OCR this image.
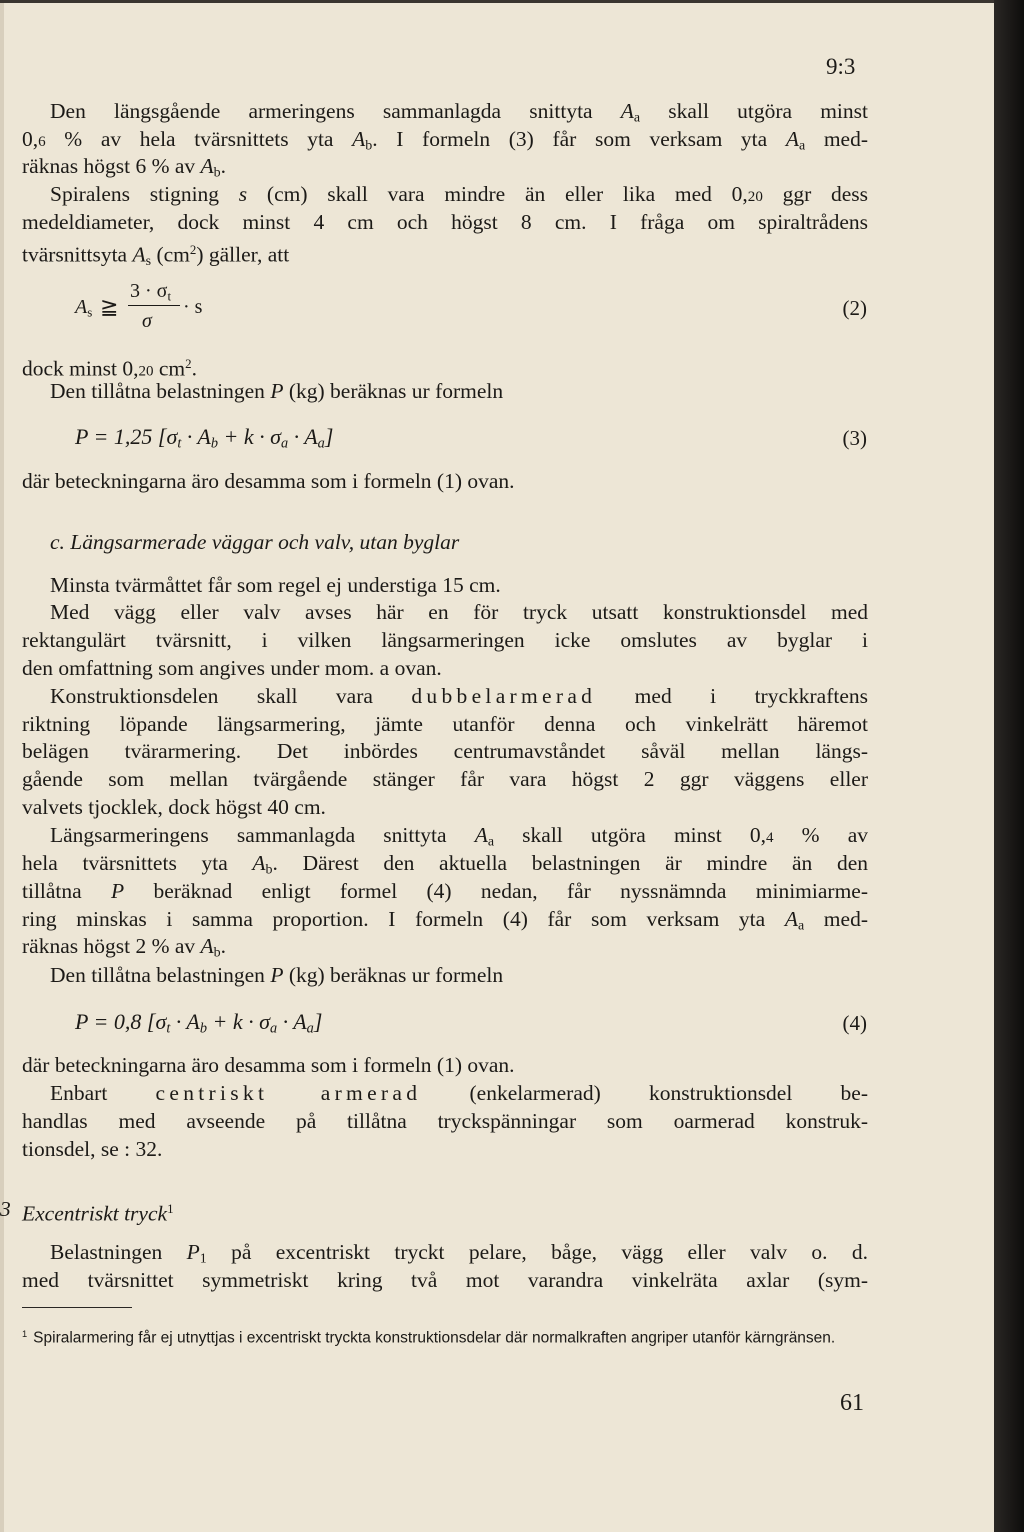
9:3
Den längsgående armeringens sammanlagda snittyta $A_a$ skall utgöra minst
0,6 % av hela tvärsnittets yta $A_b$. I formeln (3) får som verksam yta $A_a$ med-
räknas högst 6 % av $A_b$.
Spiralens stigning s (cm) skall vara mindre än eller lika med 0,20 ggr dess
medeldiameter, dock minst 4 cm och högst 8 cm. I fråga om spiraltrådens
tvärsnittsyta $A_s$ $(cm^2)$ gäller, att
$A_s$ ≧
$3 \cdot \sigma_t$
σ
· s	(2)
dock minst 0,20 $cm^2$.
Den tillåtna belastningen P (kg) beräknas ur formeln
P = 1,25 $[\sigma_t \cdot A_b + k \cdot \sigma_a \cdot A_a]$	(3)
där beteckningarna äro desamma som i formeln (1) ovan.
c. Längsarmerade väggar och valv, utan byglar
Minsta tvärmåttet får som regel ej understiga 15 cm.
Med vägg eller valv avses här en för tryck utsatt konstruktionsdel med
rektangulärt tvärsnitt, i vilken längsarmeringen icke omslutes av byglar i
den omfattning som angives under mom. a ovan.
Konstruktionsdelen skall vara dubbelarmerad med i tryckkraftens
riktning löpande längsarmering, jämte utanför denna och vinkelrätt häremot
belägen tvärarmering. Det inbördes centrumavståndet såväl mellan längs-
gående som mellan tvärgående stänger får vara högst 2 ggr väggens eller
valvets tjocklek, dock högst 40 cm.
Längsarmeringens sammanlagda snittyta $A_a$ skall utgöra minst 0,4 % av
hela tvärsnittets yta $A_b$. Därest den aktuella belastningen är mindre än den
tillåtna P beräknad enligt formel (4) nedan, får nyssnämnda minimiarme-
ring minskas i samma proportion. I formeln (4) får som verksam yta $A_a$ med-
räknas högst 2 % av $A_b$.
Den tillåtna belastningen P (kg) beräknas ur formeln
P = 0,8 $[\sigma_t \cdot A_b + k \cdot \sigma_a \cdot A_a]$	(4)
där beteckningarna äro desamma som i formeln (1) ovan.
Enbart centriskt armerad (enkelarmerad) konstruktionsdel be-
handlas med avseende på tillåtna tryckspänningar som oarmerad konstruk-
tionsdel, se : 32.
3 Excentriskt tryck$^1$
Belastningen $P_1$ på excentriskt tryckt pelare, båge, vägg eller valv o. d.
med tvärsnittet symmetriskt kring två mot varandra vinkelräta axlar (sym-
$^1$ Spiralarmering får ej utnyttjas i excentriskt tryckta konstruktionsdelar där normalkraften angriper utanför kärngränsen.
61
